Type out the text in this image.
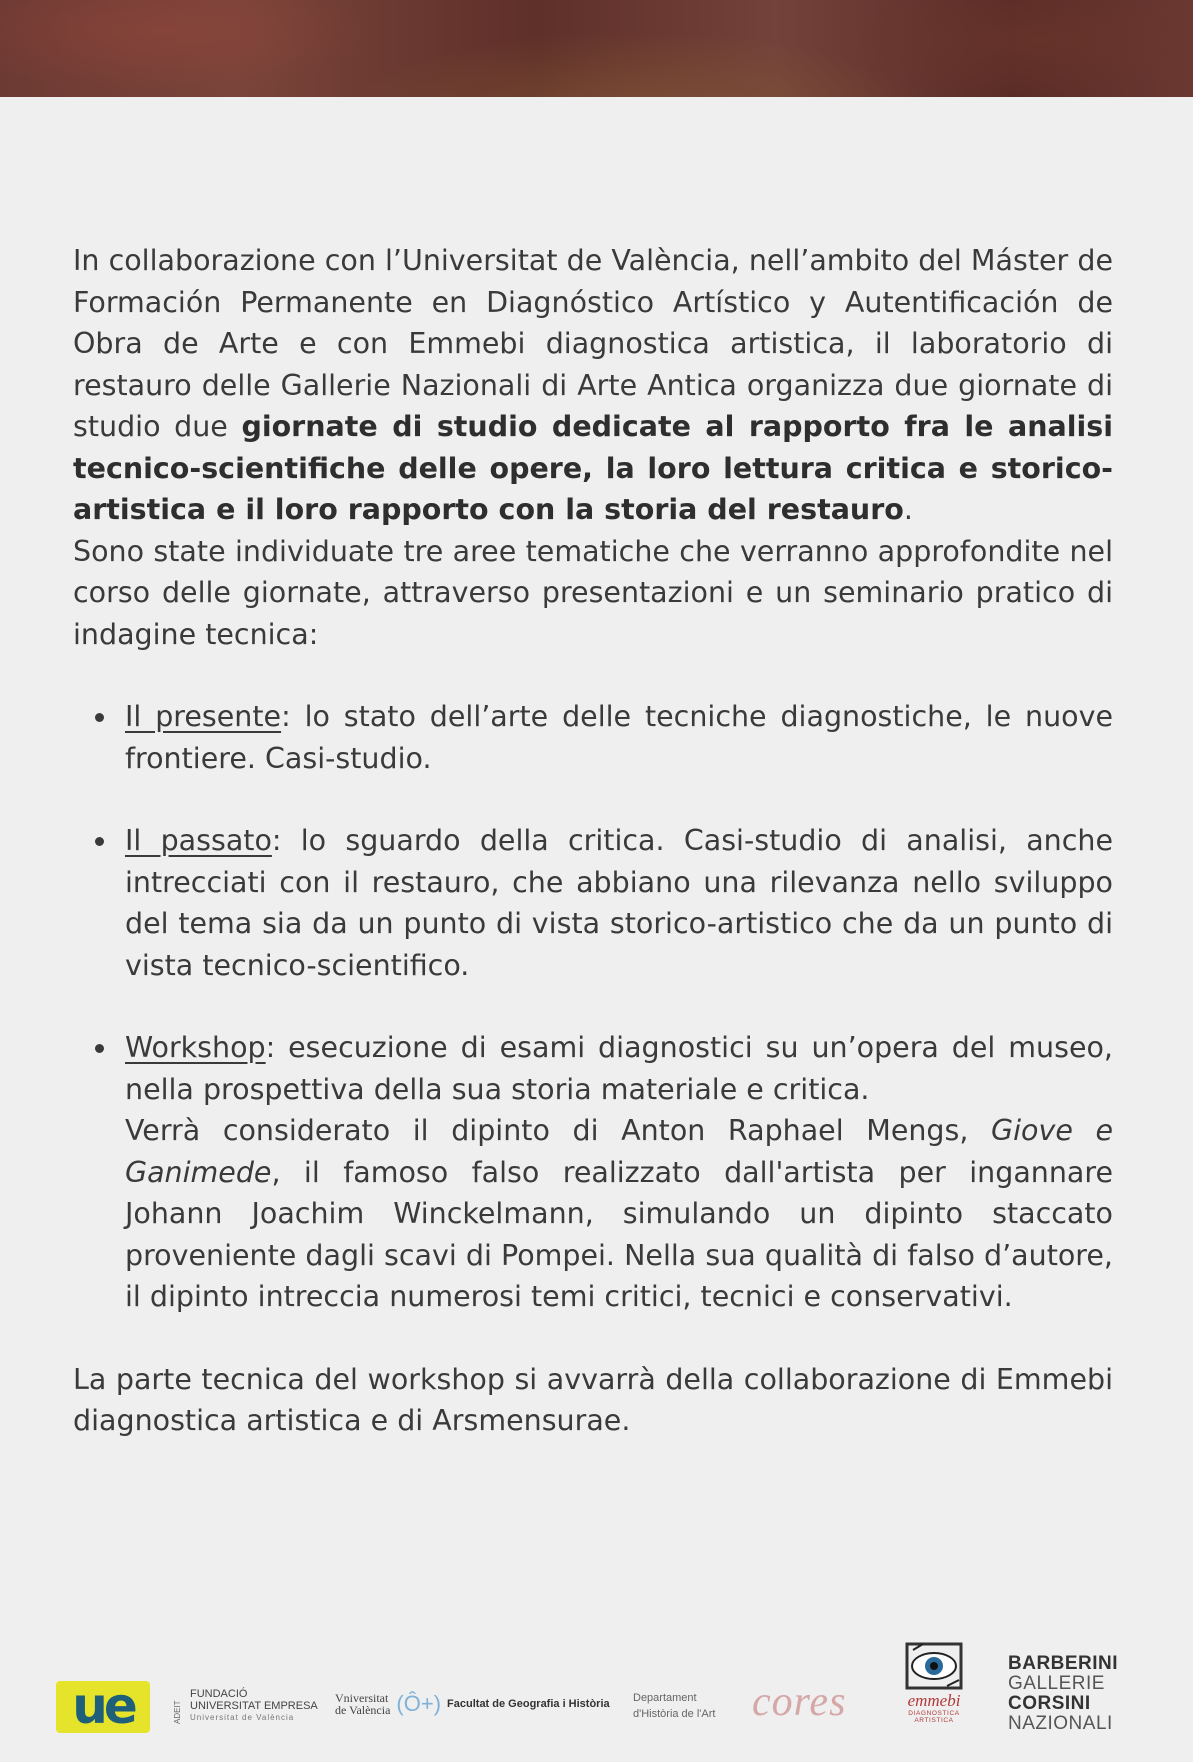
In collaborazione con l’Universitat de València, nell’ambito del Máster de Formación Permanente en Diagnóstico Artístico y Autentificación de Obra de Arte e con Emmebi diagnostica artistica, il laboratorio di restauro delle Gallerie Nazionali di Arte Antica organizza due giornate di studio due giornate di studio dedicate al rapporto fra le analisi tecnico-scientifiche delle opere, la loro lettura critica e storico-artistica e il loro rapporto con la storia del restauro.

Sono state individuate tre aree tematiche che verranno approfondite nel corso delle giornate, attraverso presentazioni e un seminario pratico di indagine tecnica:

Il presente: lo stato dell’arte delle tecniche diagnostiche, le nuove frontiere. Casi-studio.
Il passato: lo sguardo della critica. Casi-studio di analisi, anche intrecciati con il restauro, che abbiano una rilevanza nello sviluppo del tema sia da un punto di vista storico-artistico che da un punto di vista tecnico-scientifico.
Workshop: esecuzione di esami diagnostici su un’opera del museo, nella prospettiva della sua storia materiale e critica.
Verrà considerato il dipinto di Anton Raphael Mengs, Giove e Ganimede, il famoso falso realizzato dall'artista per ingannare Johann Joachim Winckelmann, simulando un dipinto staccato proveniente dagli scavi di Pompei. Nella sua qualità di falso d’autore, il dipinto intreccia numerosi temi critici, tecnici e conservativi.

La parte tecnica del workshop si avvarrà della collaborazione di Emmebi diagnostica artistica e di Arsmensurae.

ue	ADEIT
FUNDACIÓ
UNIVERSITAT EMPRESA
Universitat de València
Vniversitat
de València (Ô+) Facultat de Geografia i Història Departament
d'Història de l'Art cores	emmebi
DIAGNOSTICA
ARTISTICA
BARBERINI
GALLERIE
CORSINI
NAZIONALI
